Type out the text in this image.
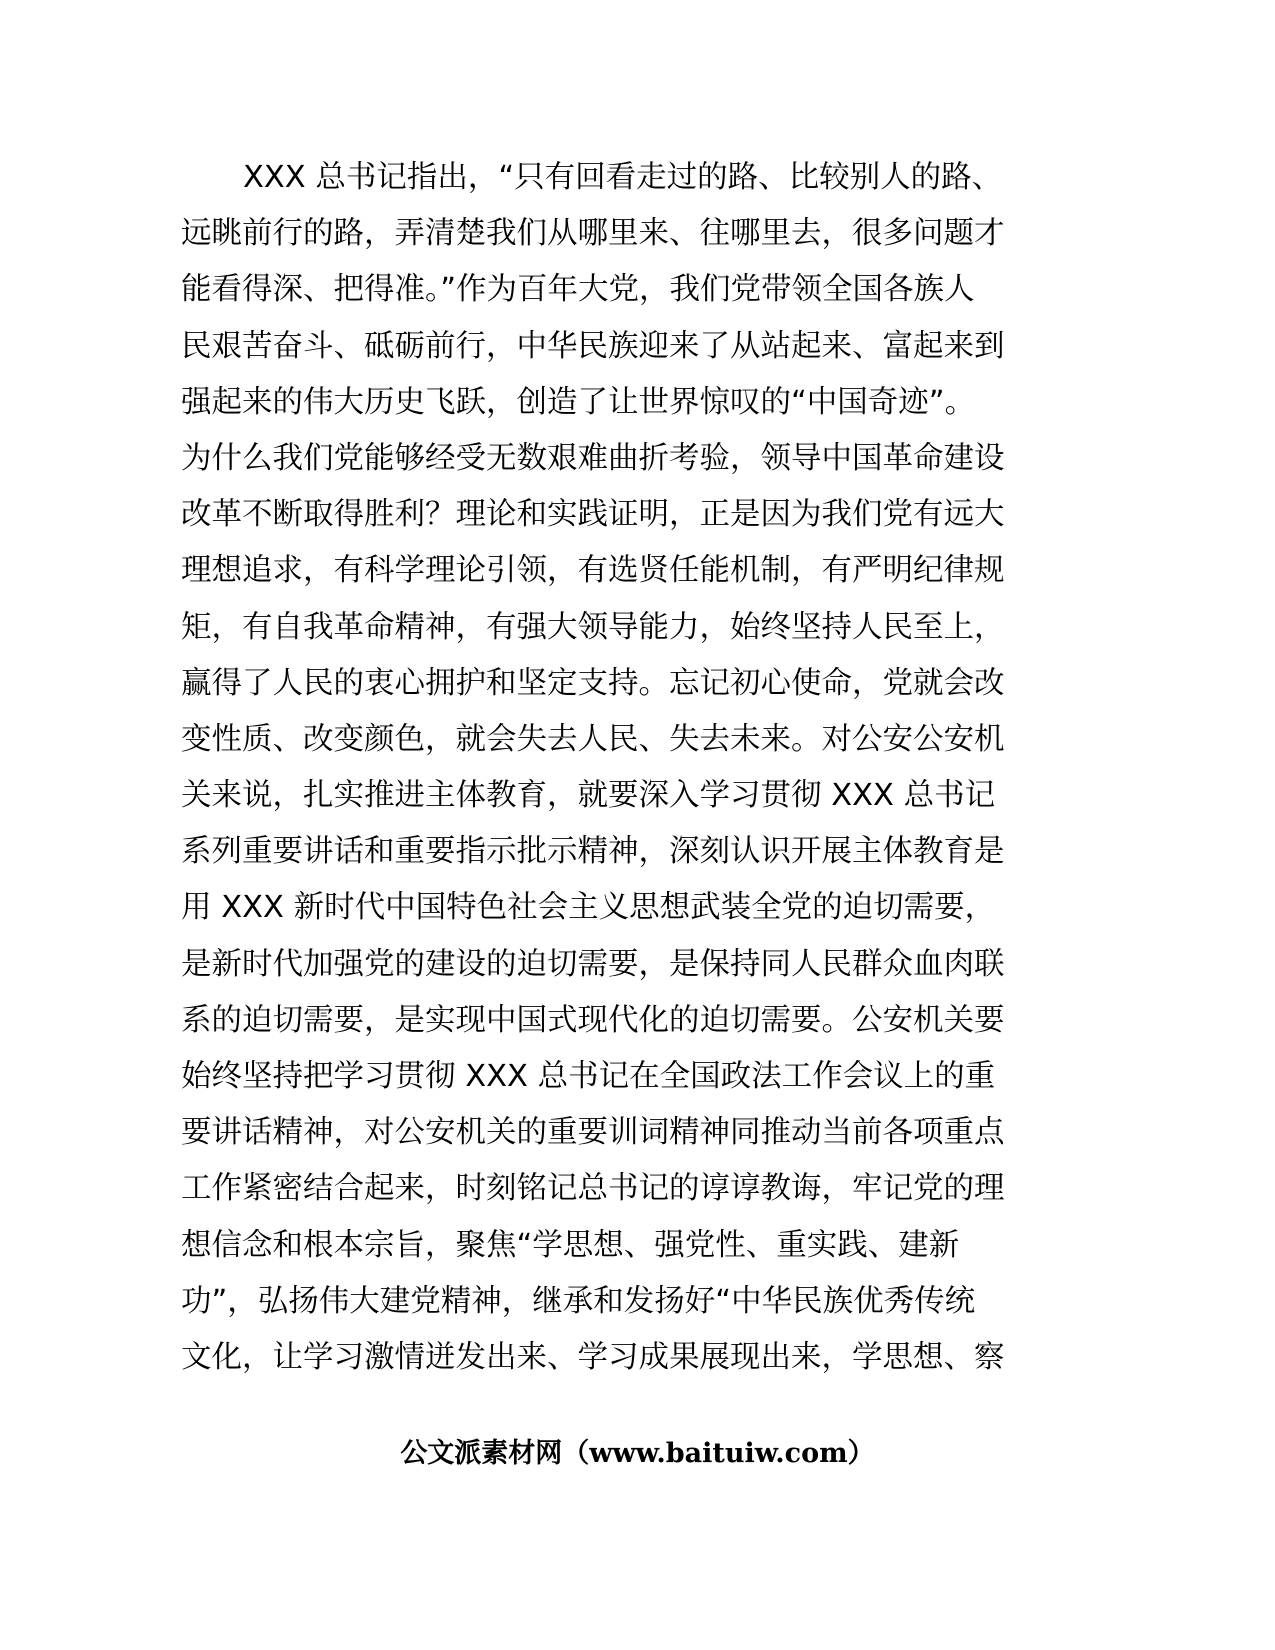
XXX 总书记指出，“只有回看走过的路、比较别人的路、
远眺前行的路，弄清楚我们从哪里来、往哪里去，很多问题才
能看得深、把得准。”作为百年大党，我们党带领全国各族人
民艰苦奋斗、砥砺前行，中华民族迎来了从站起来、富起来到
强起来的伟大历史飞跃，创造了让世界惊叹的“中国奇迹”。
为什么我们党能够经受无数艰难曲折考验，领导中国革命建设
改革不断取得胜利？理论和实践证明，正是因为我们党有远大
理想追求，有科学理论引领，有选贤任能机制，有严明纪律规
矩，有自我革命精神，有强大领导能力，始终坚持人民至上，
赢得了人民的衷心拥护和坚定支持。忘记初心使命，党就会改
变性质、改变颜色，就会失去人民、失去未来。对公安公安机
关来说，扎实推进主体教育，就要深入学习贯彻 XXX 总书记
系列重要讲话和重要指示批示精神，深刻认识开展主体教育是
用 XXX 新时代中国特色社会主义思想武装全党的迫切需要，
是新时代加强党的建设的迫切需要，是保持同人民群众血肉联
系的迫切需要，是实现中国式现代化的迫切需要。公安机关要
始终坚持把学习贯彻 XXX 总书记在全国政法工作会议上的重
要讲话精神，对公安机关的重要训词精神同推动当前各项重点
工作紧密结合起来，时刻铭记总书记的谆谆教诲，牢记党的理
想信念和根本宗旨，聚焦“学思想、强党性、重实践、建新
功”，弘扬伟大建党精神，继承和发扬好“中华民族优秀传统
文化，让学习激情迸发出来、学习成果展现出来，学思想、察
公文派素材网（www.baituiw.com）
